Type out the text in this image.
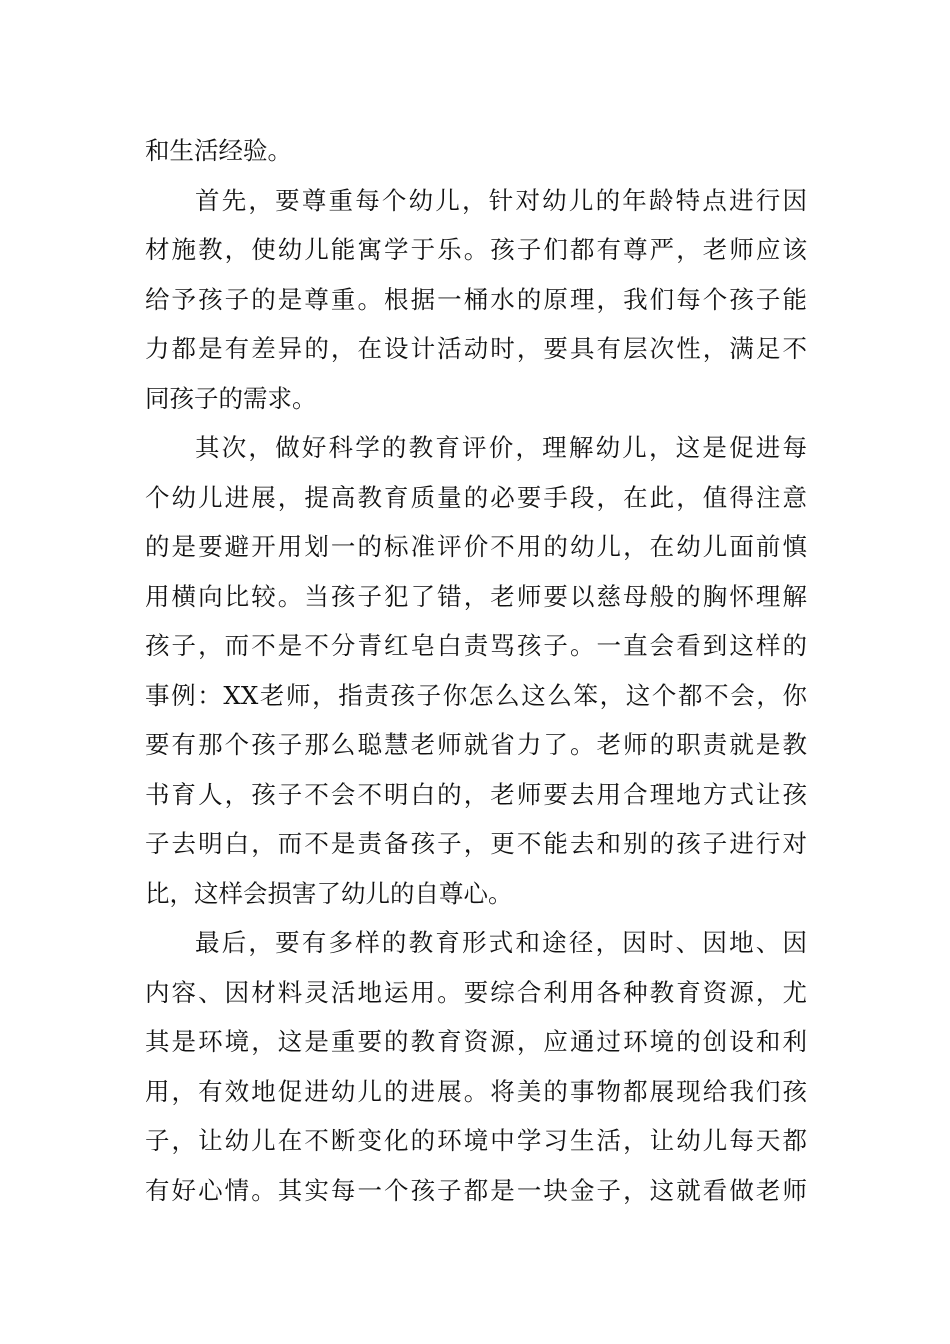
和生活经验。
首先，要尊重每个幼儿，针对幼儿的年龄特点进行因
材施教，使幼儿能寓学于乐。孩子们都有尊严，老师应该
给予孩子的是尊重。根据一桶水的原理，我们每个孩子能
力都是有差异的，在设计活动时，要具有层次性，满足不
同孩子的需求。
其次，做好科学的教育评价，理解幼儿，这是促进每
个幼儿进展，提高教育质量的必要手段，在此，值得注意
的是要避开用划一的标准评价不用的幼儿，在幼儿面前慎
用横向比较。当孩子犯了错，老师要以慈母般的胸怀理解
孩子，而不是不分青红皂白责骂孩子。一直会看到这样的
事例：XX老师，指责孩子你怎么这么笨，这个都不会，你
要有那个孩子那么聪慧老师就省力了。老师的职责就是教
书育人，孩子不会不明白的，老师要去用合理地方式让孩
子去明白，而不是责备孩子，更不能去和别的孩子进行对
比，这样会损害了幼儿的自尊心。
最后，要有多样的教育形式和途径，因时、因地、因
内容、因材料灵活地运用。要综合利用各种教育资源，尤
其是环境，这是重要的教育资源，应通过环境的创设和利
用，有效地促进幼儿的进展。将美的事物都展现给我们孩
子，让幼儿在不断变化的环境中学习生活，让幼儿每天都
有好心情。其实每一个孩子都是一块金子，这就看做老师
